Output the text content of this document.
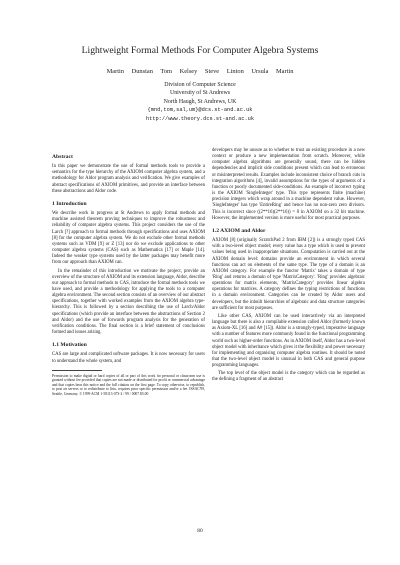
Lightweight Formal Methods For Computer Algebra Systems
Martin Dunstan Tom Kelsey Steve Linton Ursula Martin
Division of Computer Science
University of St Andrews
North Haugh, St Andrews, UK
{mnd,tom,sal,um}@dcs.st-and.ac.uk
http://www.theory.dcs.st-and.ac.uk
Abstract

In this paper we demonstrate the use of formal methods tools to provide a semantics for the type hierarchy of the AXIOM computer algebra system, and a methodology for Aldor program analysis and verification. We give examples of abstract specifications of AXIOM primitives, and provide an interface between these abstractions and Aldor code.

1 Introduction

We describe work in progress at St Andrews to apply formal methods and machine assisted theorem proving techniques to improve the robustness and reliability of computer algebra systems. This project considers the use of the Larch [?] approach to formal methods through specifications and uses AXIOM [8] for the computer algebra system. We do not exclude other formal methods systems such as VDM [9] or Z [13] nor do we exclude applications to other computer algebra systems (CAS) such as Mathematica [17] or Maple [14]. Indeed the weaker type systems used by the latter packages may benefit more from our approach than AXIOM can.

In the remainder of this introduction we motivate the project, provide an overview of the structure of AXIOM and its extension language, Aldor, describe our approach to formal methods to CAS, introduce the formal methods tools we have used, and provide a methodology for applying the tools to a computer algebra environment. The second section consists of an overview of our abstract specifications, together with worked examples from the AXIOM algebra type-hierarchy. This is followed by a section describing the use of Larch/Aldor specifications (which provide an interface between the abstractions of Section 2 and Aldor) and the use of forwards program analysis for the generation of verification conditions. The final section is a brief statement of conclusions formed and issues arising.

1.1 Motivation

CAS are large and complicated software packages. It is now necessary for users to understand the whole system, and

Permission to make digital or hard copies of all or part of this work for personal or classroom use is granted without fee provided that copies are not made or distributed for profit or commercial advantage and that copies bear this notice and the full citation on the first page. To copy otherwise, to republish, to post on servers or to redistribute to lists, requires prior specific permission and/or a fee. ISSAC'99, Seattle, Germany. © 1999 ACM 1-58113-073-2 / 99 / 0007 $5.00

developers may be unsure as to whether to trust an existing procedure in a new context or produce a new implementation from scratch. Moreover, while computer algebra algorithms are generally sound, there can be hidden dependencies and implicit side conditions present which can lead to erroneous or misinterpreted results. Examples include inconsistent choice of branch cuts in integration algorithms [4], invalid assumptions for the types of arguments of a function or poorly documented side-conditions. An example of incorrect typing is the AXIOM 'SingleInteger' type. This type represents finite (machine) precision integers which wrap around in a machine dependent value. However, 'SingleInteger' has type 'EntireRing' and hence has no non-zero zero divisors. This is incorrect since ((2**16)(2**16)) = 0 in AXIOM on a 32 bit machine. However, the implemented version is more useful for most practical purposes.

1.2 AXIOM and Aldor

AXIOM [8] (originally ScratchPad 2 from IBM [2]) is a strongly typed CAS with a two-level object model; every value has a type which is used to prevent values being used in inappropriate situations. Computation is carried out at the AXIOM domain level: domains provide an environment in which several functions can act on elements of the same type. The type of a domain is an AXIOM category. For example the functor 'Matrix' takes a domain of type 'Ring' and returns a domain of type 'MatrixCategory'. 'Ring' provides algebraic operations for matrix elements, 'MatrixCategory' provides linear algebra operations for matrices. A category defines the typing restrictions of functions in a domain environment. Categories can be created by Aldor users and developers, but the inbuilt hierarchies of algebraic and data structure categories are sufficient for most purposes.

Like other CAS, AXIOM can be used interactively via an interpreted language but there is also a compilable extension called Aldor (formerly known as Axiom-XL [16] and A# [15]). Aldor is a strongly-typed, imperative language with a number of features more commonly found in the functional programming world such as higher-order functions. As in AXIOM itself, Aldor has a two-level object model with inheritance which gives it the flexibility and power necessary for implementing and organising computer algebra routines. It should be noted that the two-level object model is unusual in both CAS and general purpose programming languages.

The top level of the object model is the category which can be regarded as the defining a fragment of an abstract

80
